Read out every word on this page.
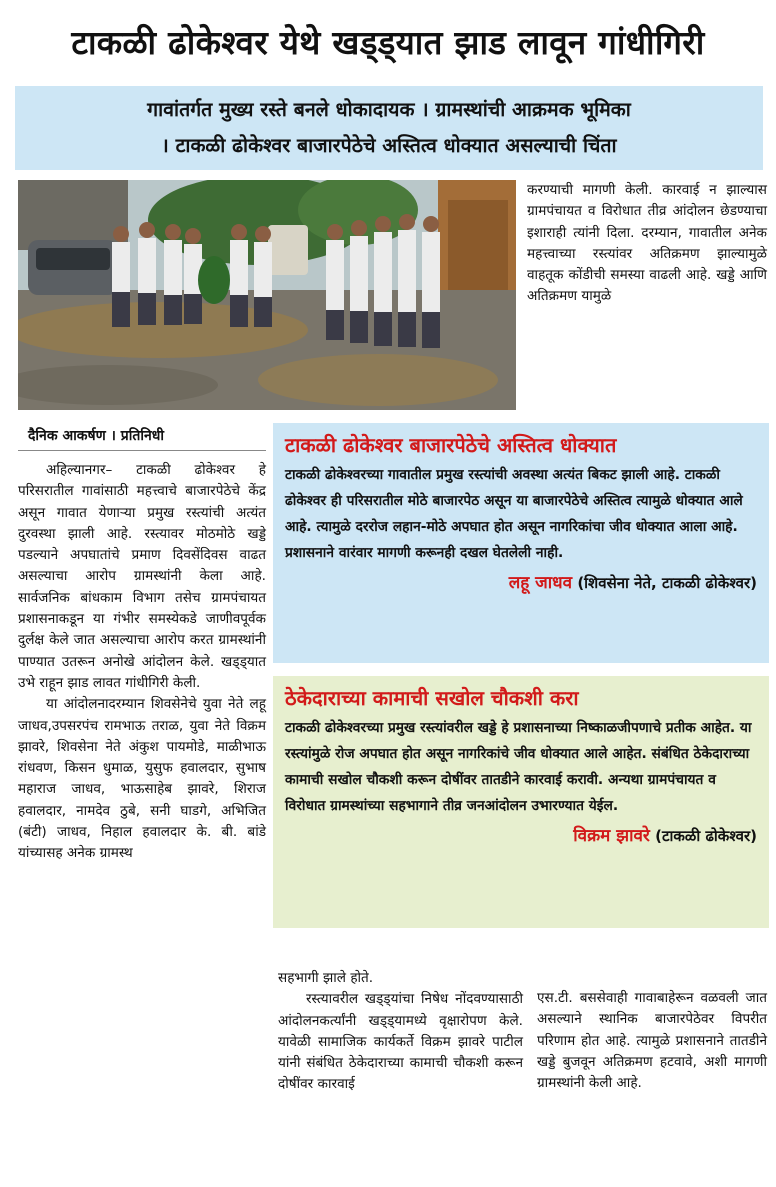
टाकळी ढोकेश्वर येथे खड्ड्यात झाड लावून गांधीगिरी
गावांतर्गत मुख्य रस्ते बनले धोकादायक । ग्रामस्थांची आक्रमक भूमिका
। टाकळी ढोकेश्वर बाजारपेठेचे अस्तित्व धोक्यात असल्याची चिंता

करण्याची मागणी केली. कारवाई न झाल्यास ग्रामपंचायत व विरोधात तीव्र आंदोलन छेडण्याचा इशाराही त्यांनी दिला. दरम्यान, गावातील अनेक महत्त्वाच्या रस्त्यांवर अतिक्रमण झाल्यामुळे वाहतूक कोंडीची समस्या वाढली आहे. खड्डे आणि अतिक्रमण यामुळे

दैनिक आकर्षण । प्रतिनिधी

अहिल्यानगर– टाकळी ढोकेश्वर हे परिसरातील गावांसाठी महत्त्वाचे बाजारपेठेचे केंद्र असून गावात येणाऱ्या प्रमुख रस्त्यांची अत्यंत दुरवस्था झाली आहे. रस्त्यावर मोठमोठे खड्डे पडल्याने अपघातांचे प्रमाण दिवसेंदिवस वाढत असल्याचा आरोप ग्रामस्थांनी केला आहे. सार्वजनिक बांधकाम विभाग तसेच ग्रामपंचायत प्रशासनाकडून या गंभीर समस्येकडे जाणीवपूर्वक दुर्लक्ष केले जात असल्याचा आरोप करत ग्रामस्थांनी पाण्यात उतरून अनोखे आंदोलन केले. खड्ड्यात उभे राहून झाड लावत गांधीगिरी केली.

या आंदोलनादरम्यान शिवसेनेचे युवा नेते लहू जाधव,उपसरपंच रामभाऊ तराळ, युवा नेते विक्रम झावरे, शिवसेना नेते अंकुश पायमोडे, माळीभाऊ रांधवण, किसन धुमाळ, युसुफ हवालदार, सुभाष महाराज जाधव, भाऊसाहेब झावरे, शिराज हवालदार, नामदेव ठुबे, सनी घाडगे, अभिजित (बंटी) जाधव, निहाल हवालदार के. बी. बांडे यांच्यासह अनेक ग्रामस्थ

टाकळी ढोकेश्वर बाजारपेठेचे अस्तित्व धोक्यात
टाकळी ढोकेश्वरच्या गावातील प्रमुख रस्त्यांची अवस्था अत्यंत बिकट झाली आहे. टाकळी ढोकेश्वर ही परिसरातील मोठे बाजारपेठ असून या बाजारपेठेचे अस्तित्व त्यामुळे धोक्यात आले आहे. त्यामुळे दररोज लहान-मोठे अपघात होत असून नागरिकांचा जीव धोक्यात आला आहे. प्रशासनाने वारंवार मागणी करूनही दखल घेतलेली नाही.
लहू जाधव (शिवसेना नेते, टाकळी ढोकेश्वर)
ठेकेदाराच्या कामाची सखोल चौकशी करा
टाकळी ढोकेश्वरच्या प्रमुख रस्त्यांवरील खड्डे हे प्रशासनाच्या निष्काळजीपणाचे प्रतीक आहेत. या रस्त्यांमुळे रोज अपघात होत असून नागरिकांचे जीव धोक्यात आले आहेत. संबंधित ठेकेदाराच्या कामाची सखोल चौकशी करून दोषींवर तातडीने कारवाई करावी. अन्यथा ग्रामपंचायत व विरोधात ग्रामस्थांच्या सहभागाने तीव्र जनआंदोलन उभारण्यात येईल.
विक्रम झावरे (टाकळी ढोकेश्वर)

सहभागी झाले होते.

रस्त्यावरील खड्ड्यांचा निषेध नोंदवण्यासाठी आंदोलनकर्त्यांनी खड्ड्यामध्ये वृक्षारोपण केले. यावेळी सामाजिक कार्यकर्ते विक्रम झावरे पाटील यांनी संबंधित ठेकेदाराच्या कामाची चौकशी करून दोषींवर कारवाई

एस.टी. बससेवाही गावाबाहेरून वळवली जात असल्याने स्थानिक बाजारपेठेवर विपरीत परिणाम होत आहे. त्यामुळे प्रशासनाने तातडीने खड्डे बुजवून अतिक्रमण हटवावे, अशी मागणी ग्रामस्थांनी केली आहे.
